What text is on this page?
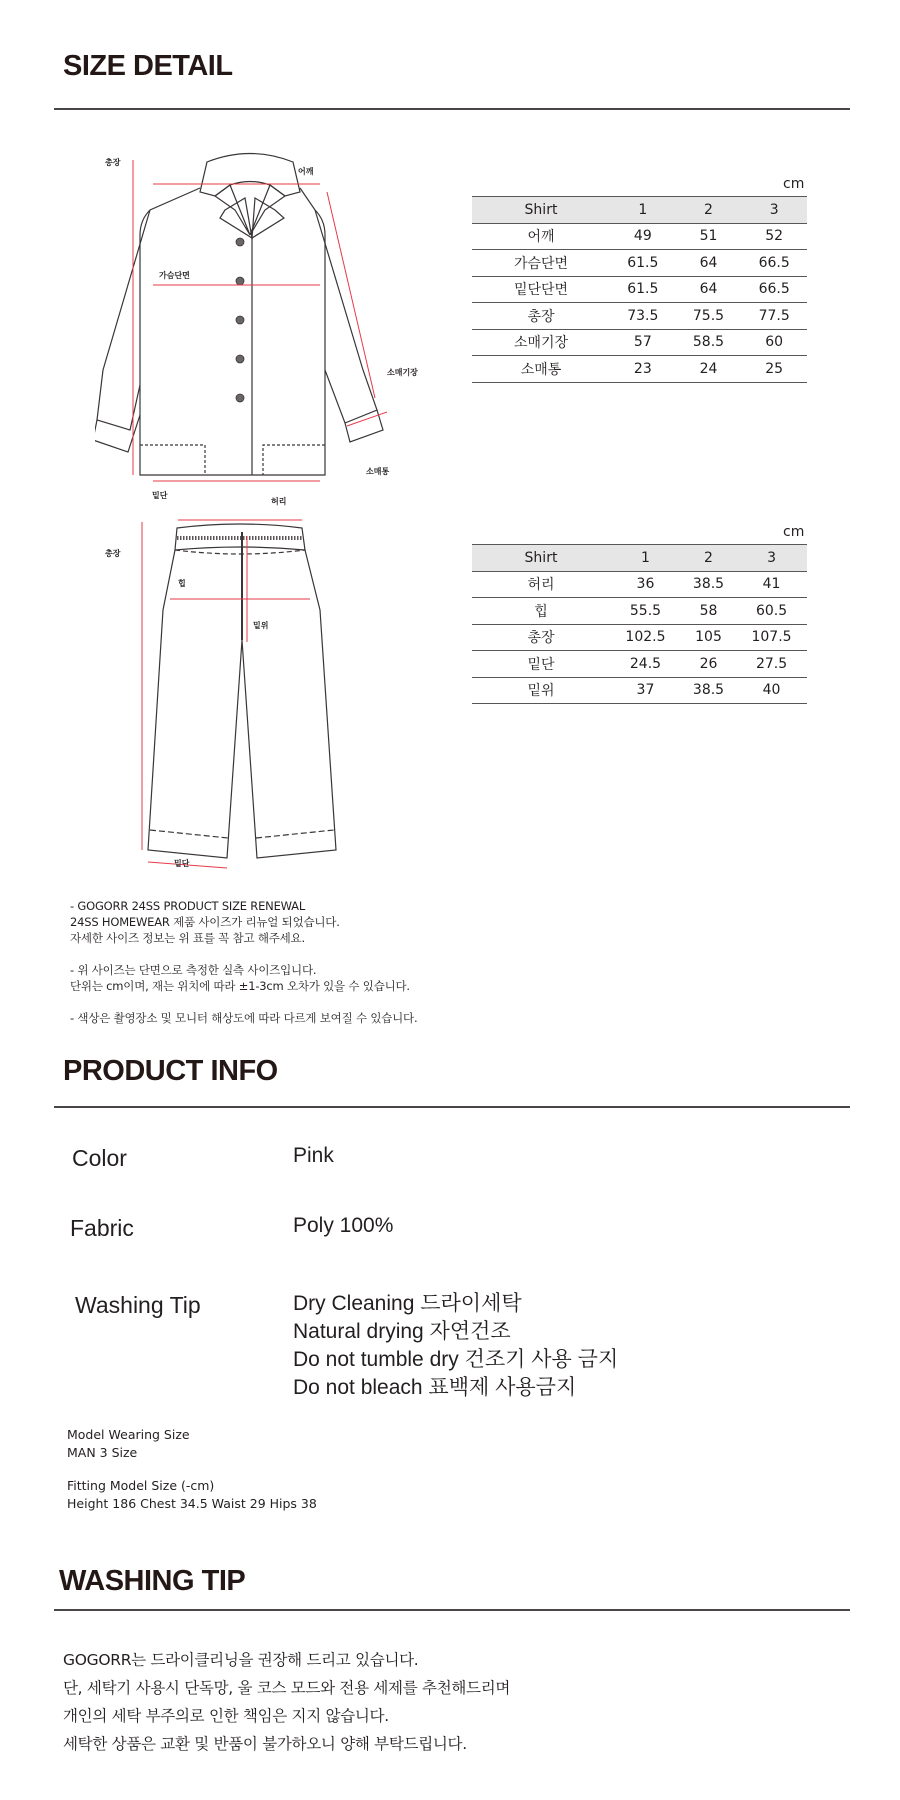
SIZE DETAIL
총장
어깨
가슴단면
소매기장
소매통
밑단
허리
cm
Shirt	1	2	3
어깨	49	51	52
가슴단면	61.5	64	66.5
밑단단면	61.5	64	66.5
총장	73.5	75.5	77.5
소매기장	57	58.5	60
소매통	23	24	25
총장
힙
밑위
밑단
cm
Shirt	1	2	3
허리	36	38.5	41
힙	55.5	58	60.5
총장	102.5	105	107.5
밑단	24.5	26	27.5
밑위	37	38.5	40

- GOGORR 24SS PRODUCT SIZE RENEWAL
24SS HOMEWEAR 제품 사이즈가 리뉴얼 되었습니다.
자세한 사이즈 정보는 위 표를 꼭 참고 해주세요.

- 위 사이즈는 단면으로 측정한 실측 사이즈입니다.
단위는 cm이며, 재는 위치에 따라 ±1-3cm 오차가 있을 수 있습니다.

- 색상은 촬영장소 및 모니터 해상도에 따라 다르게 보여질 수 있습니다.

PRODUCT INFO
Color	Pink
Fabric	Poly 100%
Washing Tip	Dry Cleaning 드라이세탁
Natural drying 자연건조
Do not tumble dry 건조기 사용 금지
Do not bleach 표백제 사용금지
Model Wearing Size
MAN 3 Size
Fitting Model Size (-cm)
Height 186 Chest 34.5 Waist 29 Hips 38
WASHING TIP
GOGORR는 드라이클리닝을 권장해 드리고 있습니다.
단, 세탁기 사용시 단독망, 울 코스 모드와 전용 세제를 추천해드리며
개인의 세탁 부주의로 인한 책임은 지지 않습니다.
세탁한 상품은 교환 및 반품이 불가하오니 양해 부탁드립니다.
